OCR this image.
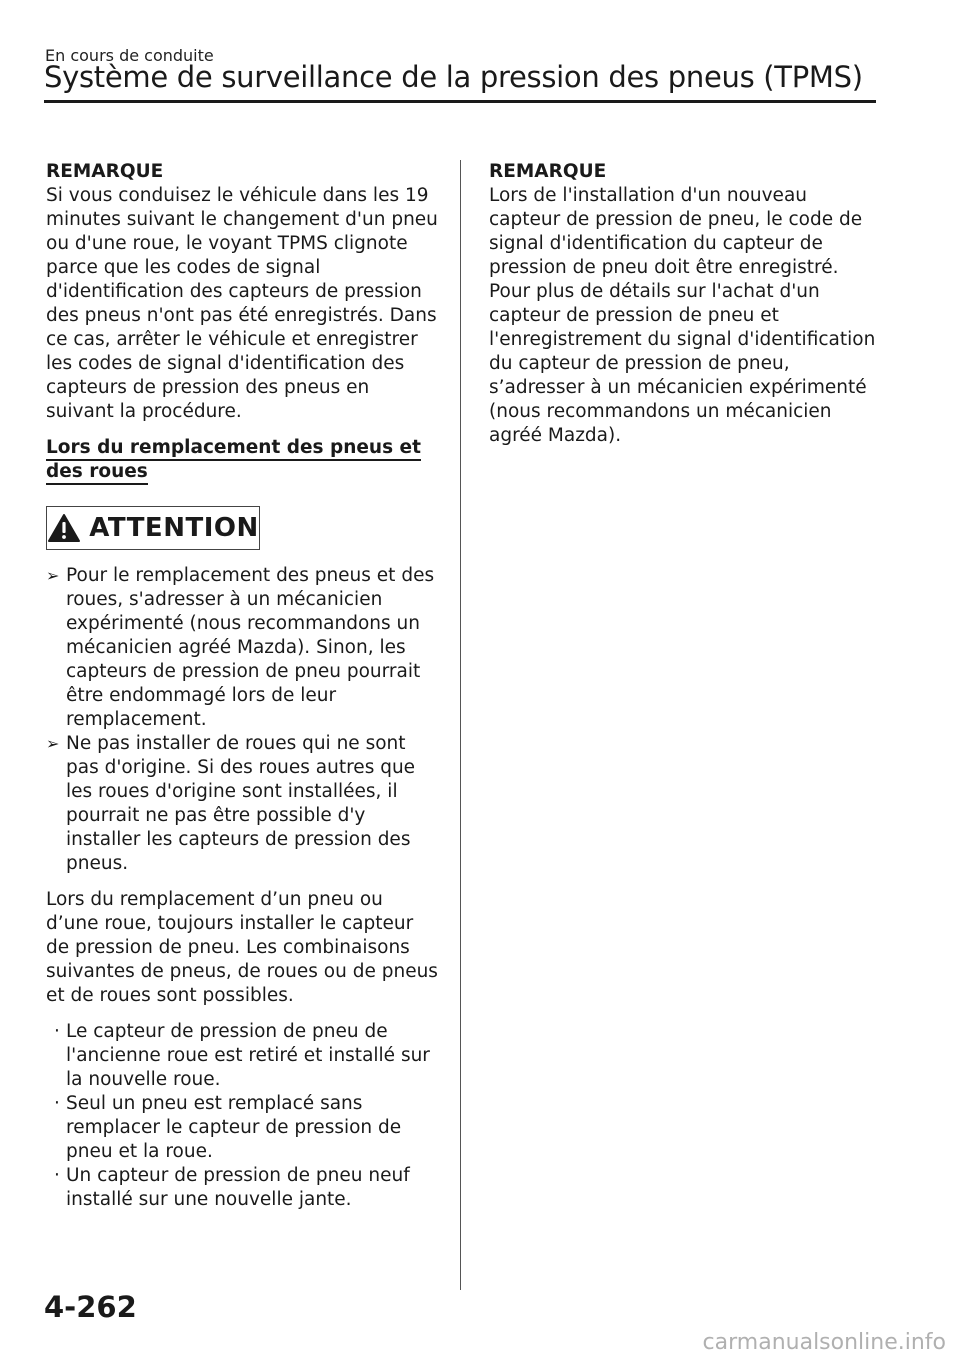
En cours de conduite
Système de surveillance de la pression des pneus (TPMS)
REMARQUE

Si vous conduisez le véhicule dans les 19 minutes suivant le changement d'un pneu ou d'une roue, le voyant TPMS clignote parce que les codes de signal d'identification des capteurs de pression des pneus n'ont pas été enregistrés. Dans ce cas, arrêter le véhicule et enregistrer les codes de signal d'identification des capteurs de pression des pneus en suivant la procédure.

Lors du remplacement des pneus et des roues
ATTENTION
➢ Pour le remplacement des pneus et des roues, s'adresser à un mécanicien expérimenté (nous recommandons un mécanicien agréé Mazda). Sinon, les capteurs de pression de pneu pourrait être endommagé lors de leur remplacement.
➢ Ne pas installer de roues qui ne sont pas d'origine. Si des roues autres que les roues d'origine sont installées, il pourrait ne pas être possible d'y installer les capteurs de pression des pneus.

Lors du remplacement d’un pneu ou d’une roue, toujours installer le capteur de pression de pneu. Les combinaisons suivantes de pneus, de roues ou de pneus et de roues sont possibles.

· Le capteur de pression de pneu de l'ancienne roue est retiré et installé sur la nouvelle roue.
· Seul un pneu est remplacé sans remplacer le capteur de pression de pneu et la roue.
· Un capteur de pression de pneu neuf installé sur une nouvelle jante.
REMARQUE

Lors de l'installation d'un nouveau capteur de pression de pneu, le code de signal d'identification du capteur de pression de pneu doit être enregistré. Pour plus de détails sur l'achat d'un capteur de pression de pneu et l'enregistrement du signal d'identification du capteur de pression de pneu, s’adresser à un mécanicien expérimenté (nous recommandons un mécanicien agréé Mazda).

4-262
carmanualsonline.info
